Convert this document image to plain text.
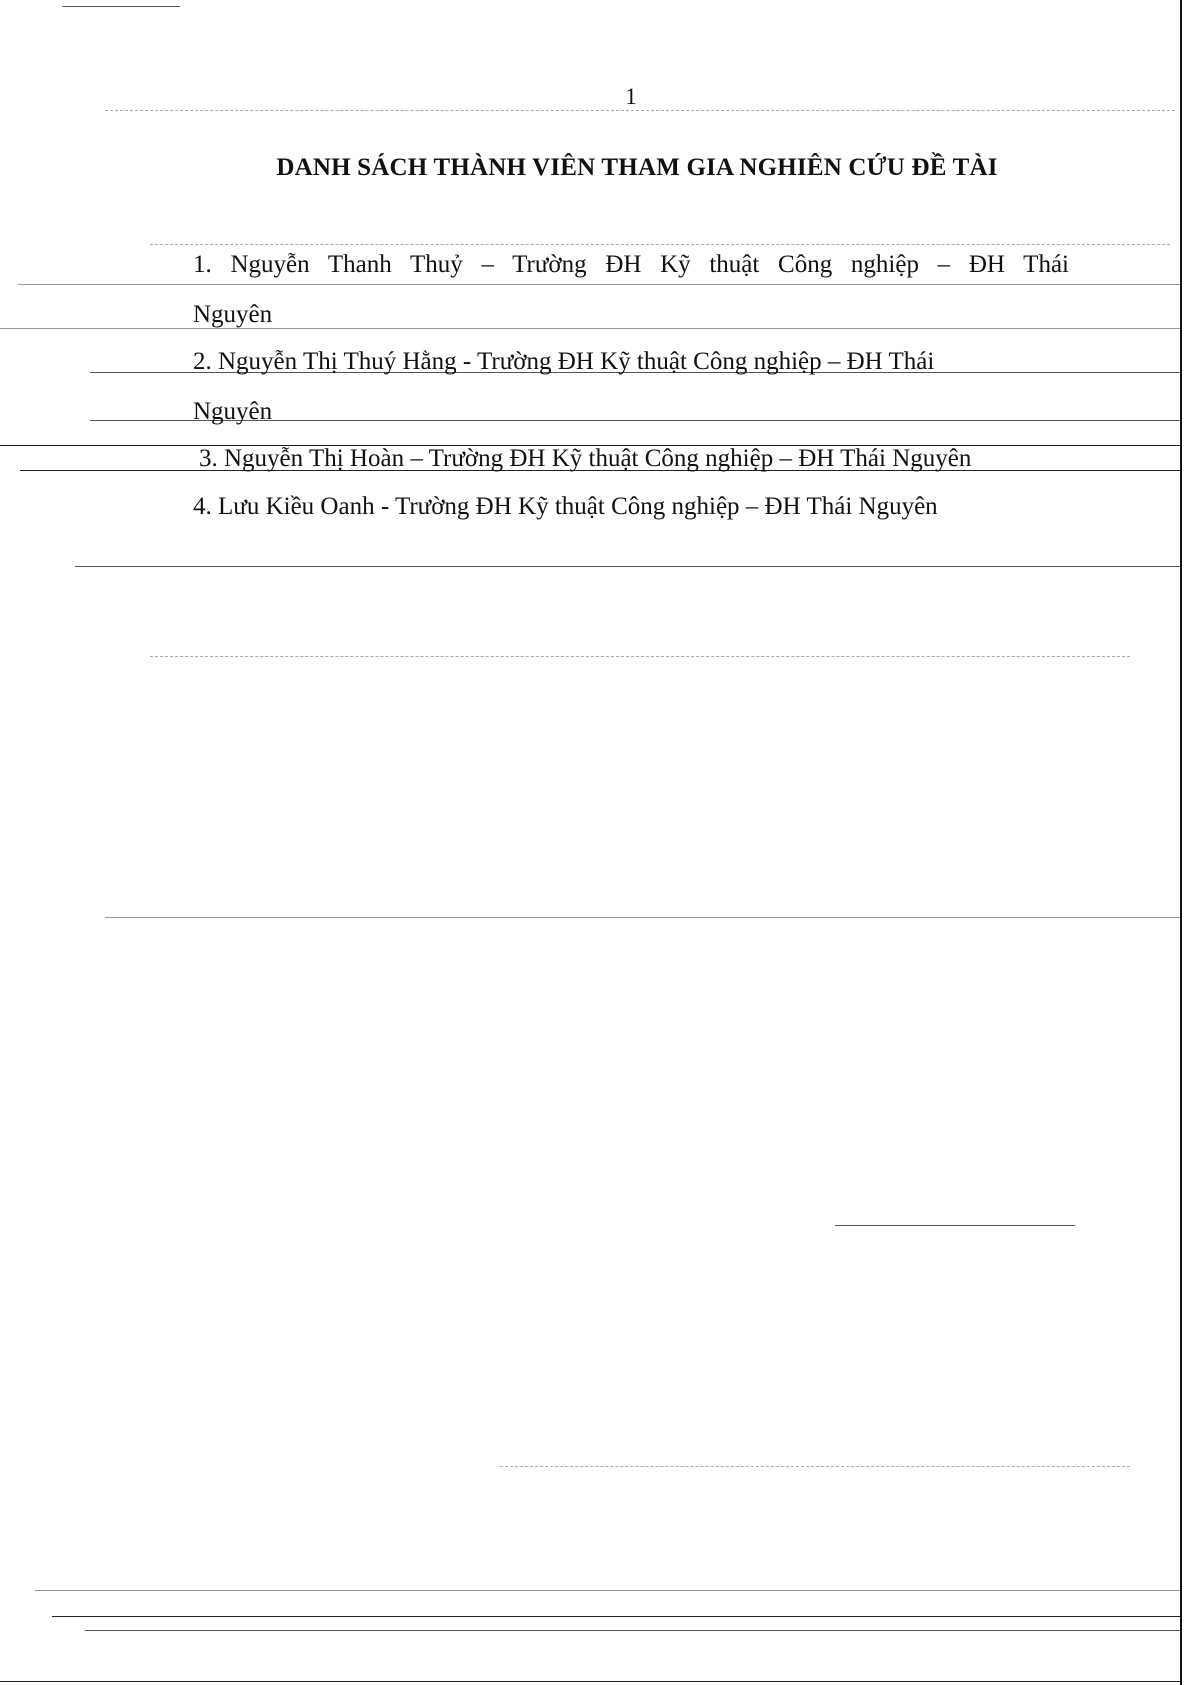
1
DANH SÁCH THÀNH VIÊN THAM GIA NGHIÊN CỨU ĐỀ TÀI
1. Nguyễn Thanh Thuỷ – Trường ĐH Kỹ thuật Công nghiệp – ĐH Thái
Nguyên
2. Nguyễn Thị Thuý Hằng - Trường ĐH Kỹ thuật Công nghiệp – ĐH Thái
Nguyên
3. Nguyễn Thị Hoàn – Trường ĐH Kỹ thuật Công nghiệp – ĐH Thái Nguyên
4. Lưu Kiều Oanh - Trường ĐH Kỹ thuật Công nghiệp – ĐH Thái Nguyên
